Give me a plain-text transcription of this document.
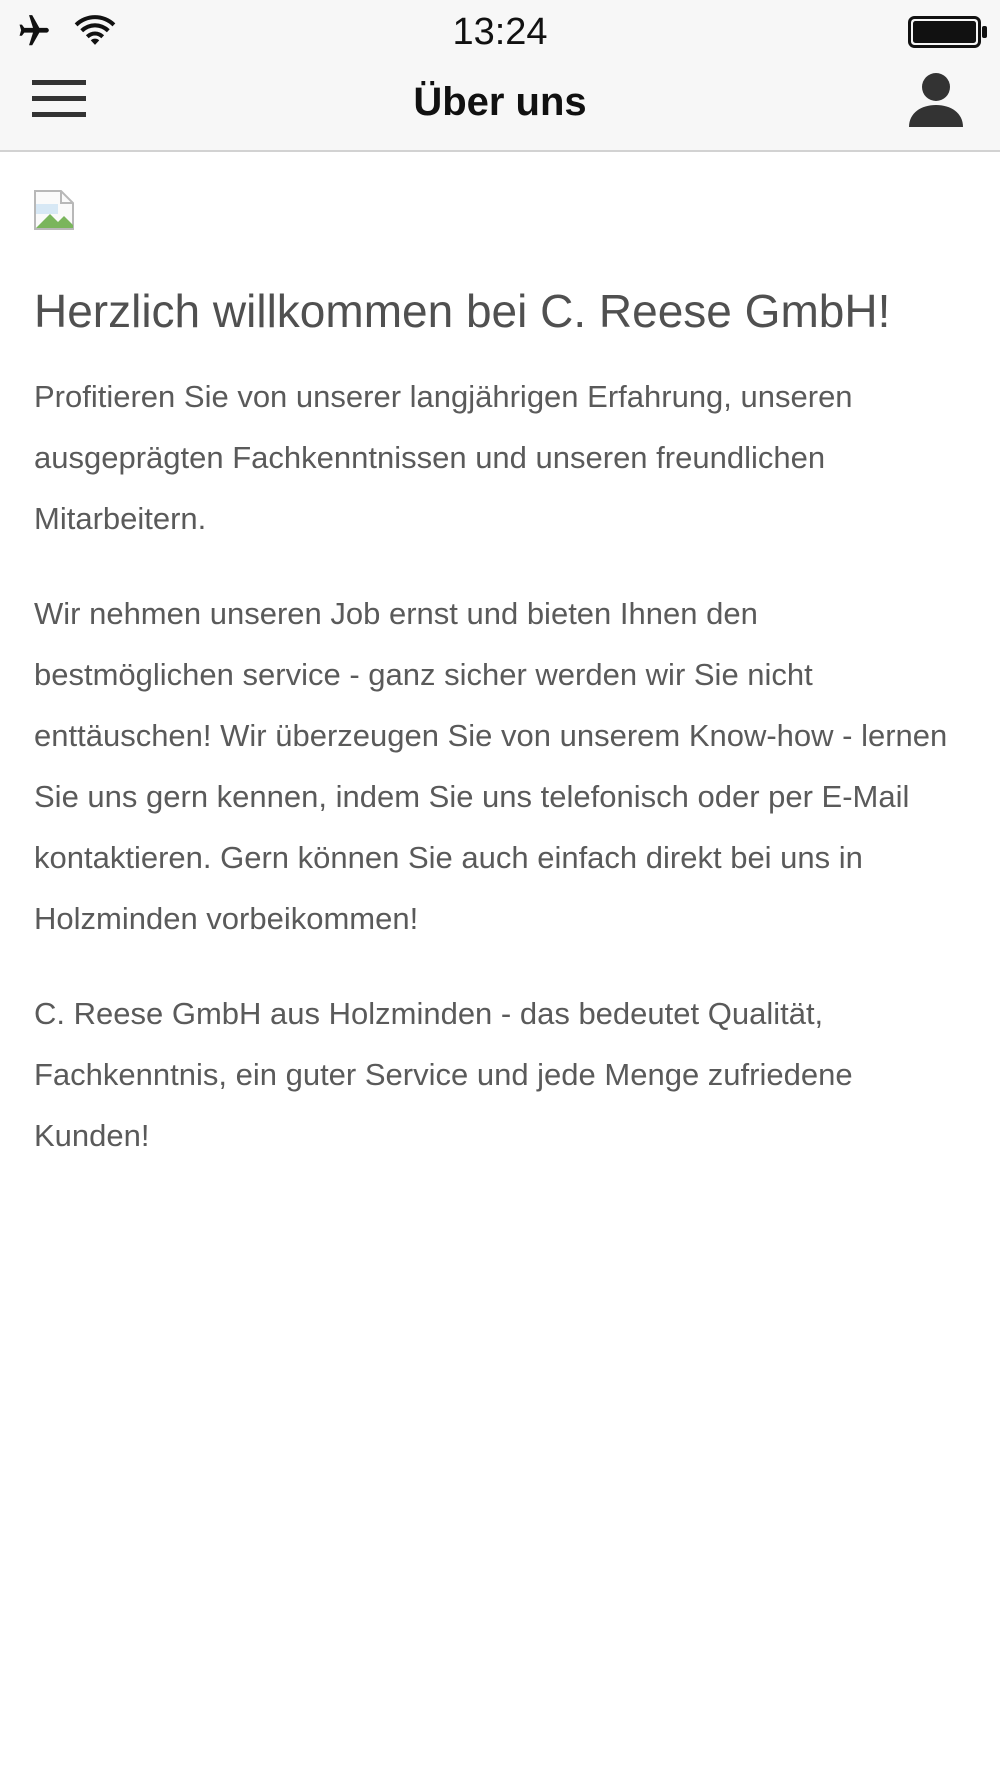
13:24
Über uns
Herzlich willkommen bei C. Reese GmbH!

Profitieren Sie von unserer langjährigen Erfahrung, unseren ausgeprägten Fachkenntnissen und unseren freundlichen Mitarbeitern.

Wir nehmen unseren Job ernst und bieten Ihnen den bestmöglichen service - ganz sicher werden wir Sie nicht enttäuschen! Wir überzeugen Sie von unserem Know-how - lernen Sie uns gern kennen, indem Sie uns telefonisch oder per E-Mail kontaktieren. Gern können Sie auch einfach direkt bei uns in Holzminden vorbeikommen!

C. Reese GmbH aus Holzminden - das bedeutet Qualität, Fachkenntnis, ein guter Service und jede Menge zufriedene Kunden!
